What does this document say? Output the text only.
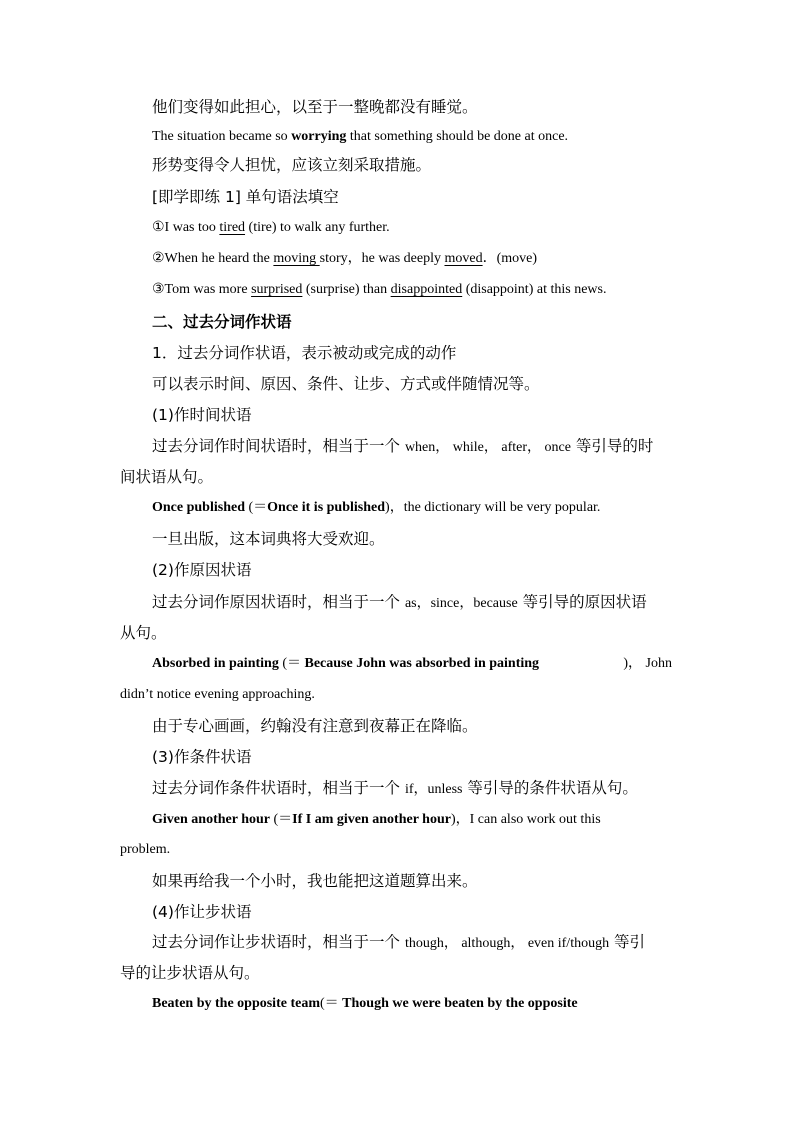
他们变得如此担心，以至于一整晚都没有睡觉。
The situation became so worrying that something should be done at once.
形势变得令人担忧，应该立刻采取措施。
[即学即练 1] 单句语法填空
①I was too tired (tire) to walk any further.
②When he heard the moving story，he was deeply moved．(move)
③Tom was more surprised (surprise) than disappointed (disappoint) at this news.
二、过去分词作状语
1．过去分词作状语，表示被动或完成的动作
可以表示时间、原因、条件、让步、方式或伴随情况等。
(1)作时间状语
过去分词作时间状语时，相当于一个 when， while， after， once 等引导的时
间状语从句。
Once published (＝Once it is published)，the dictionary will be very popular.
一旦出版，这本词典将大受欢迎。
(2)作原因状语
过去分词作原因状语时，相当于一个 as，since，because 等引导的原因状语
从句。
Absorbed in painting (＝ Because John was absorbed in painting	)， John
didn’t notice evening approaching.
由于专心画画，约翰没有注意到夜幕正在降临。
(3)作条件状语
过去分词作条件状语时，相当于一个 if，unless 等引导的条件状语从句。
Given another hour (＝If I am given another hour)，I can also work out this
problem.
如果再给我一个小时，我也能把这道题算出来。
(4)作让步状语
过去分词作让步状语时，相当于一个 though， although， even if/though 等引
导的让步状语从句。
Beaten by the opposite team(＝ Though we were beaten by the opposite
